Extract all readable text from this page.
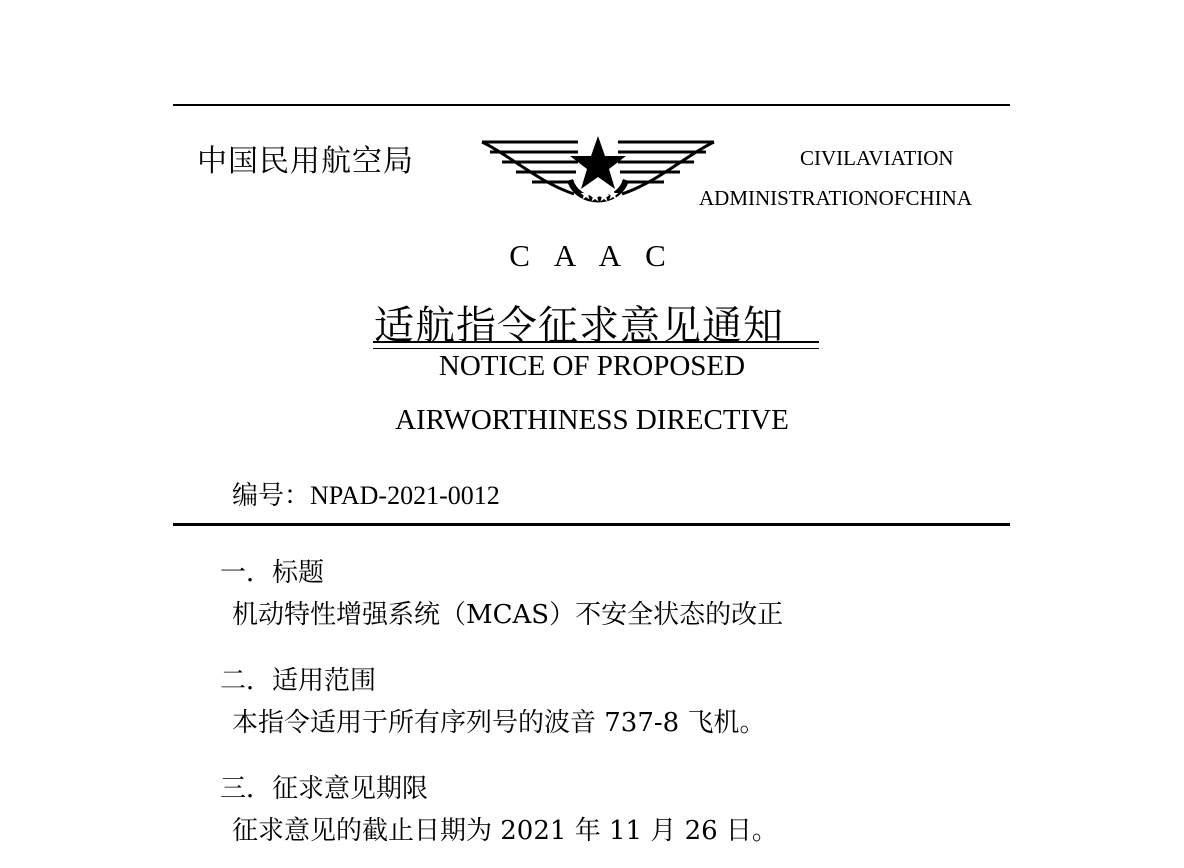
中国民用航空局	CIVILAVIATION
ADMINISTRATIONOFCHINA
C A A C
适航指令征求意见通知
NOTICE OF PROPOSED
AIRWORTHINESS DIRECTIVE
编号：NPAD-2021-0012
一．标题
机动特性增强系统（MCAS）不安全状态的改正
二．适用范围
本指令适用于所有序列号的波音 737-8 飞机。
三．征求意见期限
征求意见的截止日期为 2021 年 11 月 26 日。
